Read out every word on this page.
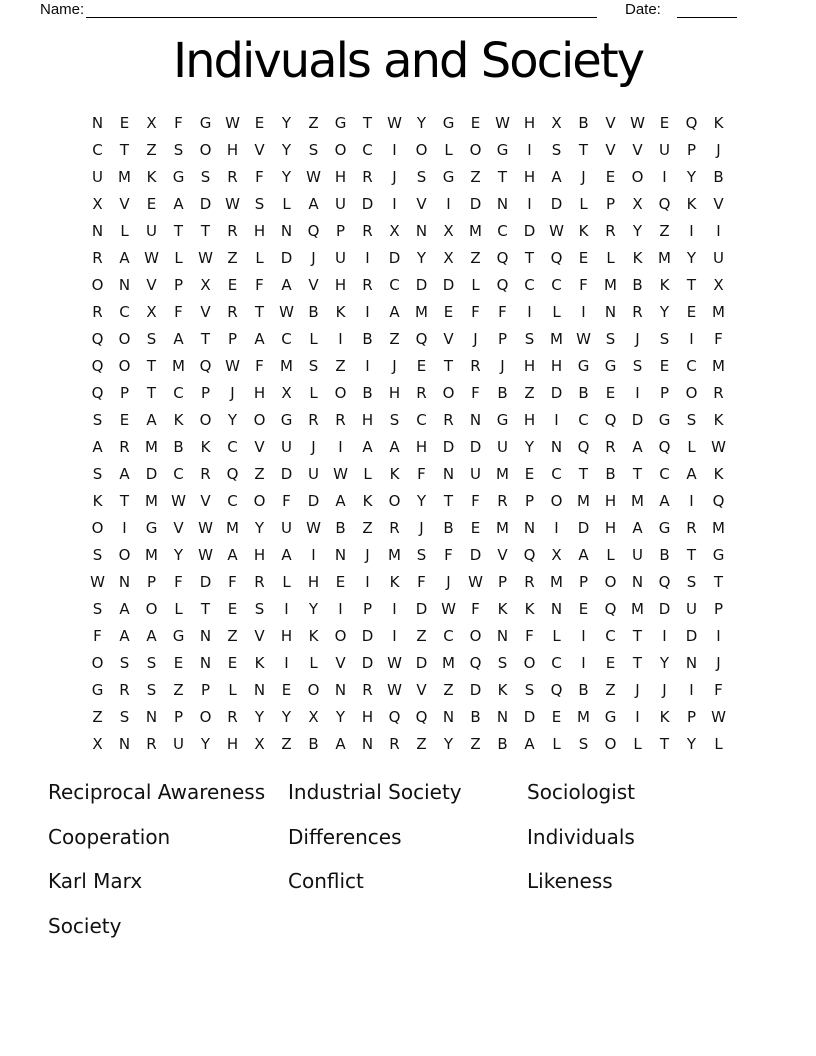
Name:	Date:
Indivuals and Society
N	E	X	F	G W E	Y	Z	G	T	W Y	G	E W H	X	B	V W E	Q	K
C	T	Z	S	O	H	V	Y	S	O	C	I	O	L	O	G	I	S	T	V	V	U	P	J
U	M	K	G	S	R	F	Y	W H	R	J	S	G	Z	T	H	A	J	E	O	I	Y	B
X	V	E	A	D W S	L	A	U	D	I	V	I	D	N	I	D	L	P	X	Q	K	V
N	L	U	T	T	R	H	N	Q	P	R	X	N	X	M	C	D W K	R	Y	Z	I	I
R	A W	L	W Z	L	D	J	U	I	D	Y	X	Z	Q	T	Q	E	L	K	M	Y	U
O	N	V	P	X	E	F	A	V	H	R	C	D	D	L	Q	C	C	F	M	B	K	T	X
R	C	X	F	V	R	T	W B	K	I	A	M	E	F	F	I	L	I	N	R	Y	E	M
Q	O	S	A	T	P	A	C	L	I	B	Z	Q	V	J	P	S	M W S	J	S	I	F
Q	O	T	M Q W	F	M	S	Z	I	J	E	T	R	J	H	H	G	G	S	E	C	M
Q	P	T	C	P	J	H	X	L	O	B	H	R	O	F	B	Z	D	B	E	I	P	O	R
S	E	A	K	O	Y	O	G	R	R	H	S	C	R	N	G	H	I	C	Q	D	G	S	K
A	R	M	B	K	C	V	U	J	I	A	A	H	D	D	U	Y	N	Q	R	A	Q	L	W
S	A	D	C	R	Q	Z	D	U W	L	K	F	N	U	M	E	C	T	B	T	C	A	K
K	T	M W V	C	O	F	D	A	K	O	Y	T	F	R	P	O M H M	A	I	Q
O	I	G	V W M	Y	U W B	Z	R	J	B	E	M N	I	D	H	A	G	R	M
S	O M	Y	W A	H	A	I	N	J	M	S	F	D	V	Q	X	A	L	U	B	T	G
W N	P	F	D	F	R	L	H	E	I	K	F	J	W	P	R	M	P	O	N	Q	S	T
S	A	O	L	T	E	S	I	Y	I	P	I	D W	F	K	K	N	E	Q M D	U	P
F	A	A	G	N	Z	V	H	K	O	D	I	Z	C	O	N	F	L	I	C	T	I	D	I
O	S	S	E	N	E	K	I	L	V	D W D M Q	S	O	C	I	E	T	Y	N	J
G	R	S	Z	P	L	N	E	O	N	R W V	Z	D	K	S	Q	B	Z	J	J	I	F
Z	S	N	P	O	R	Y	Y	X	Y	H	Q	Q	N	B	N	D	E	M G	I	K	P	W
X	N	R	U	Y	H	X	Z	B	A	N	R	Z	Y	Z	B	A	L	S	O	L	T	Y	L
Reciprocal Awareness	Industrial Society	Sociologist
Cooperation	Differences	Individuals
Karl Marx	Conflict	Likeness
Society
